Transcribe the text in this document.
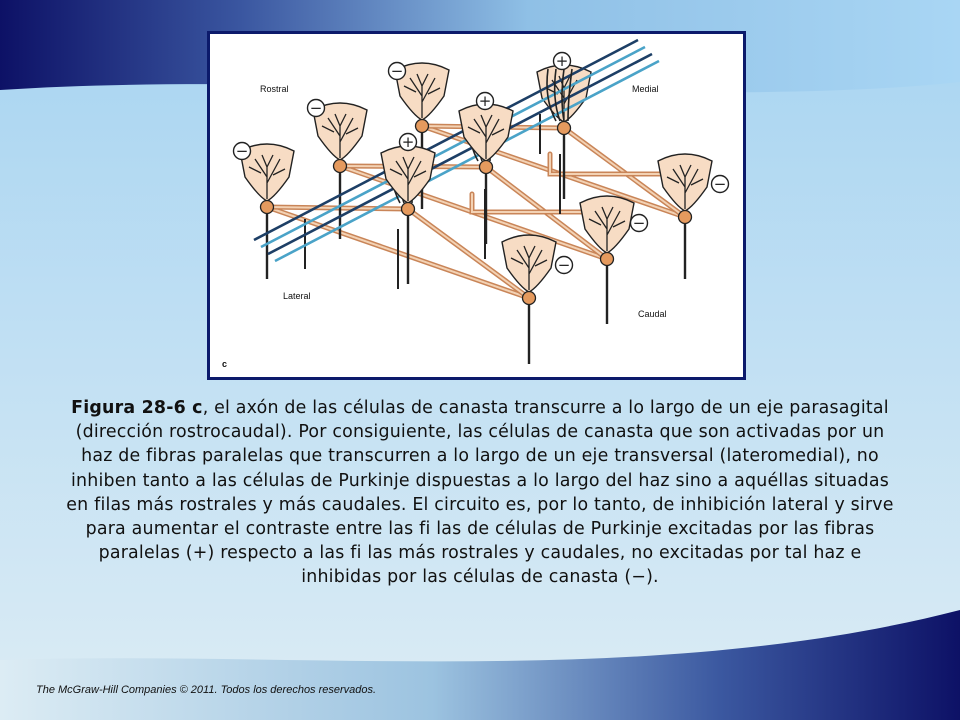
−
−
−
+
+
+
−
−
−
Rostral	Medial
Lateral
Caudal
c
Figura 28-6 c, el axón de las células de canasta transcurre a lo largo de un eje parasagital (dirección rostrocaudal). Por consiguiente, las células de canasta que son activadas por un haz de fibras paralelas que transcurren a lo largo de un eje transversal (lateromedial), no inhiben tanto a las células de Purkinje dispuestas a lo largo del haz sino a aquéllas situadas en filas más rostrales y más caudales. El circuito es, por lo tanto, de inhibición lateral y sirve para aumentar el contraste entre las fi las de células de Purkinje excitadas por las fibras paralelas (+) respecto a las fi las más rostrales y caudales, no excitadas por tal haz e inhibidas por las células de canasta (−).
The McGraw-Hill Companies © 2011. Todos los derechos reservados.
